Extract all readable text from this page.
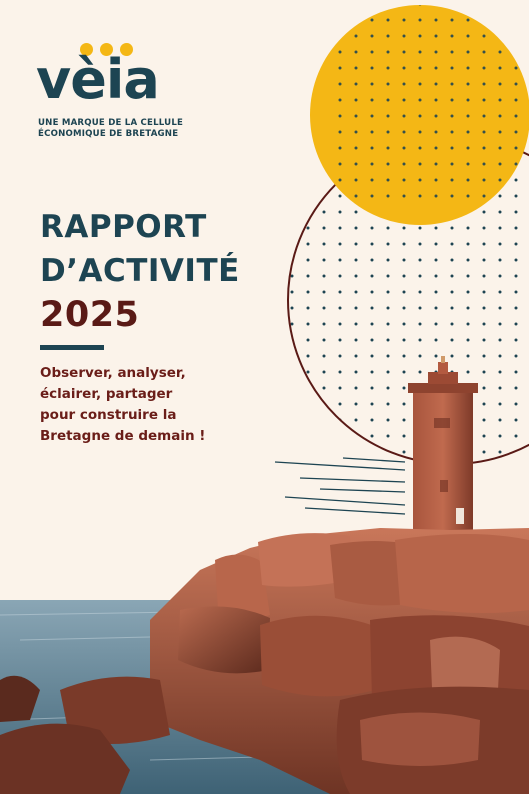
vèia
UNE MARQUE DE LA CELLULE
ÉCONOMIQUE DE BRETAGNE
RAPPORT
D’ACTIVITÉ
2025

Observer, analyser,
éclairer, partager
pour construire la
Bretagne de demain !
